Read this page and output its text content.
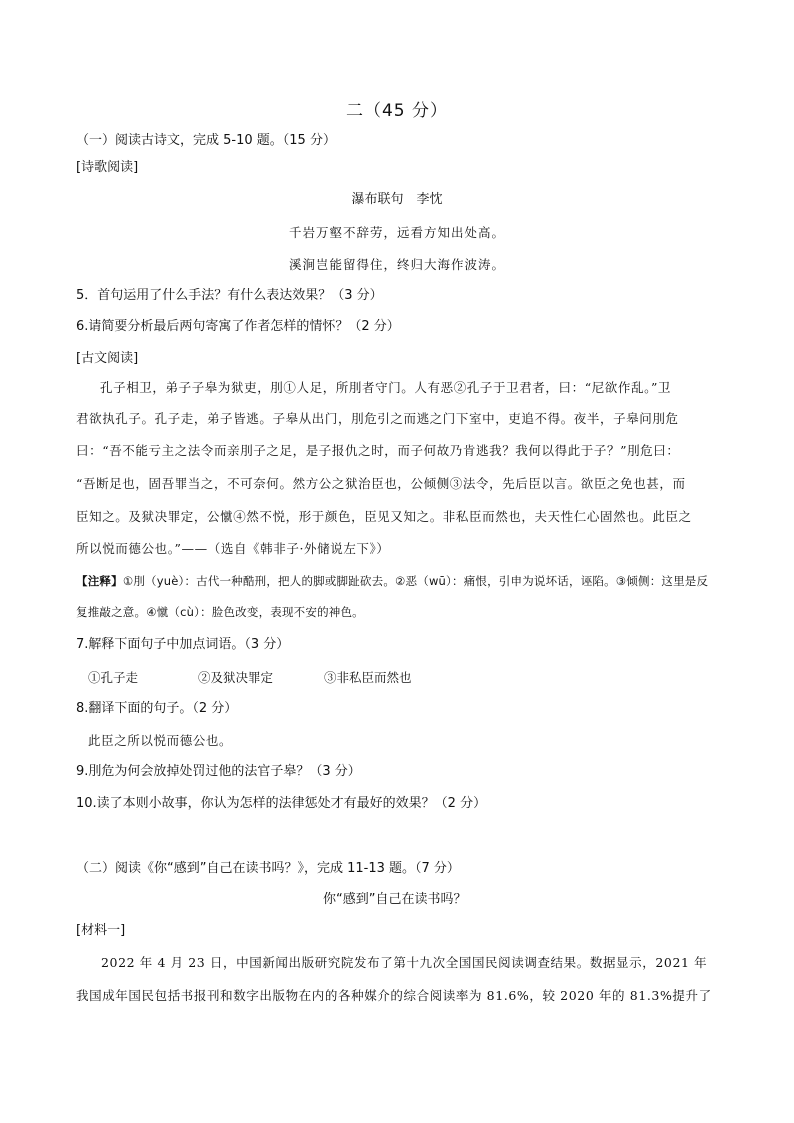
二（45 分）
（一）阅读古诗文，完成 5-10 题。（15 分）
[诗歌阅读]
瀑布联句　李忱
千岩万壑不辞劳，远看方知出处高。
溪涧岂能留得住，终归大海作波涛。
5．首句运用了什么手法？有什么表达效果？（3 分）
6.请简要分析最后两句寄寓了作者怎样的情怀？（2 分）
[古文阅读]
孔子相卫，弟子子皋为狱吏，刖①人足，所刖者守门。人有恶②孔子于卫君者，曰：“尼欲作乱。”卫
君欲执孔子。孔子走，弟子皆逃。子皋从出门，刖危引之而逃之门下室中，吏追不得。夜半，子皋问刖危
曰：“吾不能亏主之法令而亲刖子之足，是子报仇之时，而子何故乃肯逃我？我何以得此于子？”刖危曰：
“吾断足也，固吾罪当之，不可奈何。然方公之狱治臣也，公倾侧③法令，先后臣以言。欲臣之免也甚，而
臣知之。及狱决罪定，公憱④然不悦，形于颜色，臣见又知之。非私臣而然也，夫天性仁心固然也。此臣之
所以悦而德公也。”——（选自《韩非子·外储说左下》）
【注释】①刖（yuè）：古代一种酷刑，把人的脚或脚趾砍去。②恶（wū）：痛恨，引申为说坏话，诬陷。③倾侧：这里是反
复推敲之意。④憱（cù）：脸色改变，表现不安的神色。
7.解释下面句子中加点词语。（3 分）
①孔子走	②及狱决罪定	③非私臣而然也
8.翻译下面的句子。（2 分）
此臣之所以悦而德公也。
9.刖危为何会放掉处罚过他的法官子皋？（3 分）
10.读了本则小故事，你认为怎样的法律惩处才有最好的效果？（2 分）
（二）阅读《你“感到”自己在读书吗？》，完成 11-13 题。（7 分）
你“感到”自己在读书吗？
[材料一]
2022 年 4 月 23 日，中国新闻出版研究院发布了第十九次全国国民阅读调查结果。数据显示，2021 年
我国成年国民包括书报刊和数字出版物在内的各种媒介的综合阅读率为 81.6%，较 2020 年的 81.3%提升了
